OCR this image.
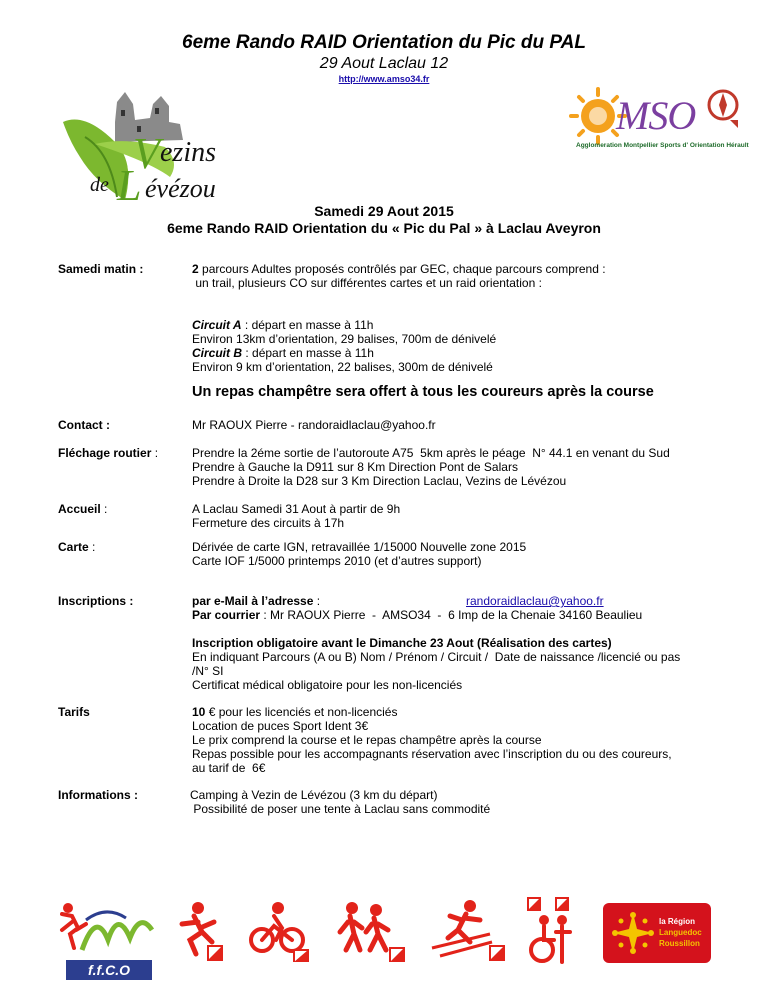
6eme Rando RAID Orientation du Pic du PAL
29 Aout Laclau 12
http://www.amso34.fr
V ezins
de L évézou
MSO
Agglomeration Montpellier Sports d' Orientation Hérault
Samedi 29 Aout 2015
6eme Rando RAID Orientation du « Pic du Pal » à Laclau Aveyron
Samedi matin :	2 parcours Adultes proposés contrôlés par GEC, chaque parcours comprend :
un trail, plusieurs CO sur différentes cartes et un raid orientation :
Circuit A : départ en masse à 11h
Environ 13km d’orientation, 29 balises, 700m de dénivelé
Circuit B : départ en masse à 11h
Environ 9 km d’orientation, 22 balises, 300m de dénivelé
Un repas champêtre sera offert à tous les coureurs après la course
Contact :	Mr RAOUX Pierre - randoraidlaclau@yahoo.fr
Fléchage routier :	Prendre la 2éme sortie de l’autoroute A75  5km après le péage  N° 44.1 en venant du Sud
Prendre à Gauche la D911 sur 8 Km Direction Pont de Salars
Prendre à Droite la D28 sur 3 Km Direction Laclau, Vezins de Lévézou
Accueil :	A Laclau Samedi 31 Aout à partir de 9h
Fermeture des circuits à 17h
Carte :	Dérivée de carte IGN, retravaillée 1/15000 Nouvelle zone 2015
Carte IOF 1/5000 printemps 2010 (et d’autres support)
Inscriptions :	par e-Mail à l’adresse :	randoraidlaclau@yahoo.fr
Par courrier : Mr RAOUX Pierre  -  AMSO34  -  6 Imp de la Chenaie 34160 Beaulieu
Inscription obligatoire avant le Dimanche 23 Aout (Réalisation des cartes)
En indiquant Parcours (A ou B) Nom / Prénom / Circuit /  Date de naissance /licencié ou pas
/N° SI
Certificat médical obligatoire pour les non-licenciés
Tarifs	10 € pour les licenciés et non-licenciés
Location de puces Sport Ident 3€
Le prix comprend la course et le repas champêtre après la course
Repas possible pour les accompagnants réservation avec l’inscription du ou des coureurs,
au tarif de  6€
Informations :	Camping à Vezin de Lévézou (3 km du départ)
Possibilité de poser une tente à Laclau sans commodité
f.f.C.O
la Région
Languedoc
Roussillon
